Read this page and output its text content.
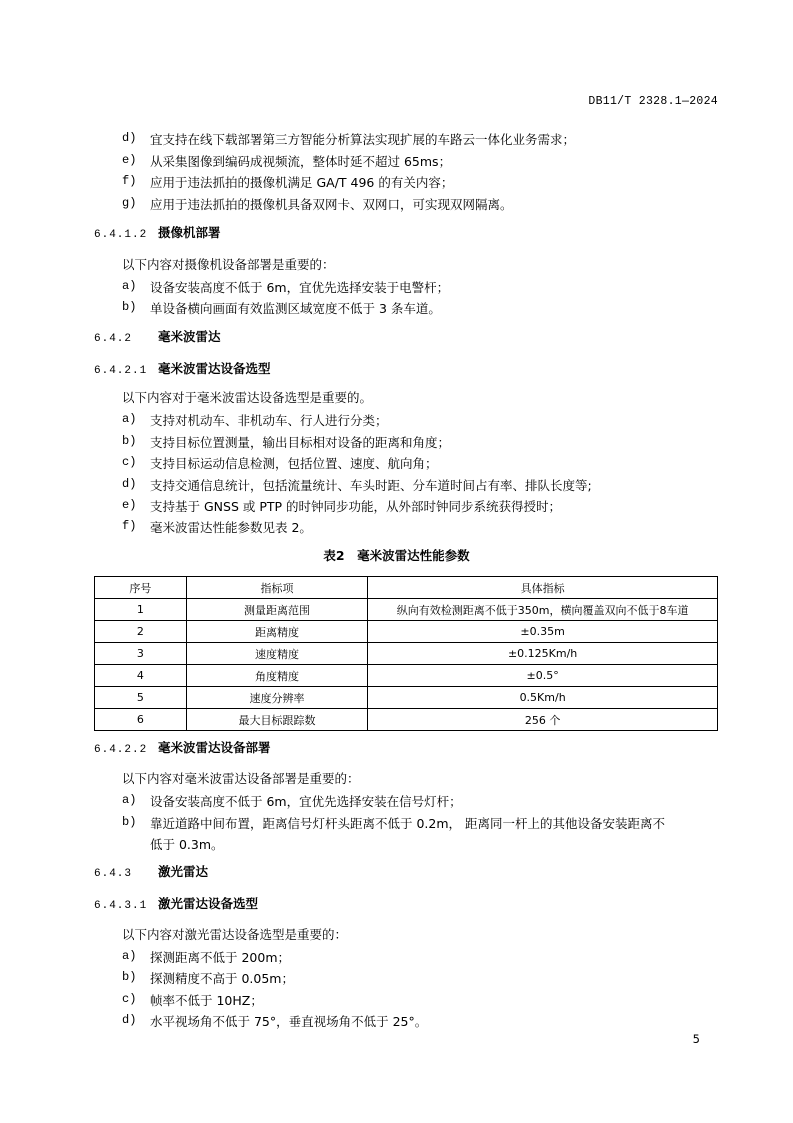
DB11/T 2328.1—2024
d) 宜支持在线下载部署第三方智能分析算法实现扩展的车路云一体化业务需求；
e) 从采集图像到编码成视频流，整体时延不超过 65ms；
f) 应用于违法抓拍的摄像机满足 GA/T 496 的有关内容；
g) 应用于违法抓拍的摄像机具备双网卡、双网口，可实现双网隔离。
6.4.1.2 摄像机部署
以下内容对摄像机设备部署是重要的：
a) 设备安装高度不低于 6m，宜优先选择安装于电警杆；
b) 单设备横向画面有效监测区域宽度不低于 3 条车道。
6.4.2 毫米波雷达
6.4.2.1 毫米波雷达设备选型
以下内容对于毫米波雷达设备选型是重要的。
a) 支持对机动车、非机动车、行人进行分类；
b) 支持目标位置测量，输出目标相对设备的距离和角度；
c) 支持目标运动信息检测，包括位置、速度、航向角；
d) 支持交通信息统计，包括流量统计、车头时距、分车道时间占有率、排队长度等;
e) 支持基于 GNSS 或 PTP 的时钟同步功能，从外部时钟同步系统获得授时；
f) 毫米波雷达性能参数见表 2。
表2　毫米波雷达性能参数
序号	指标项	具体指标
1	测量距离范围	纵向有效检测距离不低于350m，横向覆盖双向不低于8车道
2	距离精度	±0.35m
3	速度精度	±0.125Km/h
4	角度精度	±0.5°
5	速度分辨率	0.5Km/h
6	最大目标跟踪数	256 个
6.4.2.2 毫米波雷达设备部署
以下内容对毫米波雷达设备部署是重要的：
a) 设备安装高度不低于 6m，宜优先选择安装在信号灯杆；
b) 靠近道路中间布置，距离信号灯杆头距离不低于 0.2m， 距离同一杆上的其他设备安装距离不
低于 0.3m。
6.4.3 激光雷达
6.4.3.1 激光雷达设备选型
以下内容对激光雷达设备选型是重要的：
a) 探测距离不低于 200m；
b) 探测精度不高于 0.05m；
c) 帧率不低于 10HZ；
d) 水平视场角不低于 75°，垂直视场角不低于 25°。
5
